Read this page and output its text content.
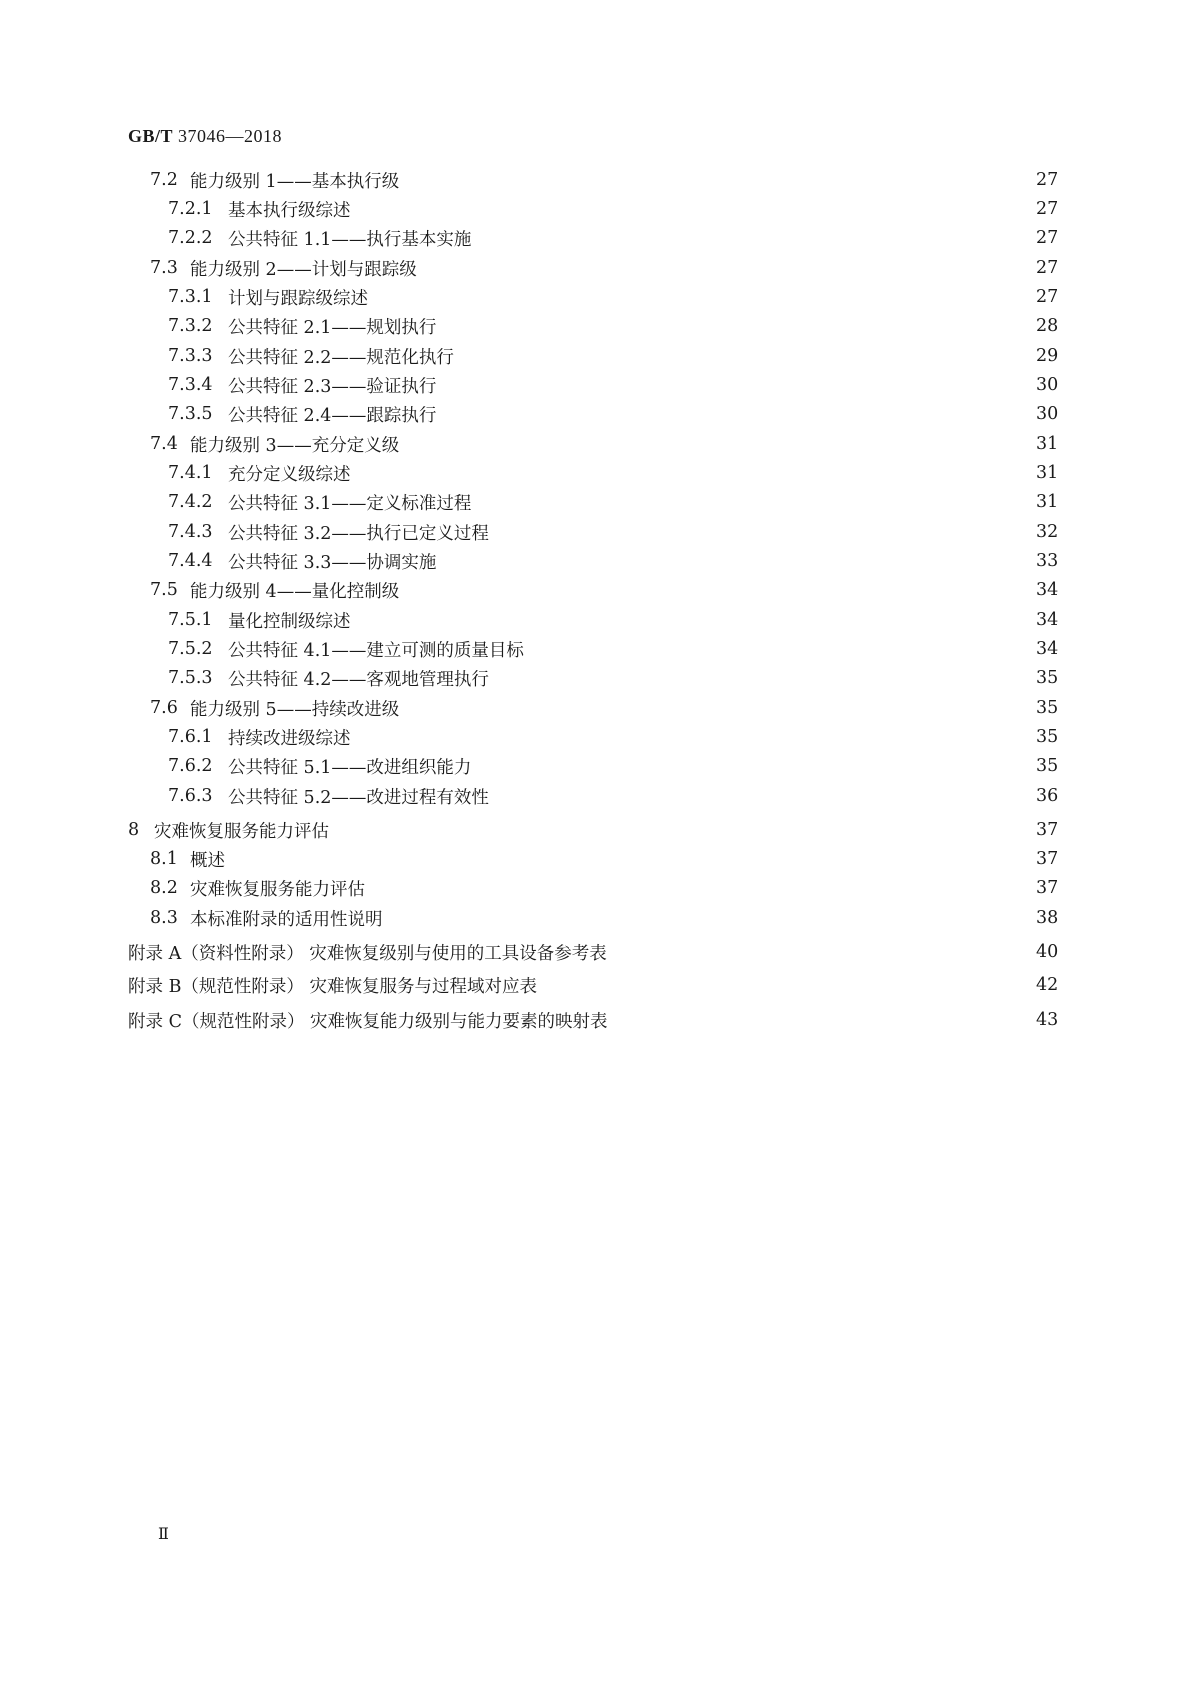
GB/T 37046—2018
7.2 能力级别 1——基本执行级	27
7.2.1 基本执行级综述	27
7.2.2 公共特征 1.1——执行基本实施	27
7.3 能力级别 2——计划与跟踪级	27
7.3.1 计划与跟踪级综述	27
7.3.2 公共特征 2.1——规划执行	28
7.3.3 公共特征 2.2——规范化执行	29
7.3.4 公共特征 2.3——验证执行	30
7.3.5 公共特征 2.4——跟踪执行	30
7.4 能力级别 3——充分定义级	31
7.4.1 充分定义级综述	31
7.4.2 公共特征 3.1——定义标准过程	31
7.4.3 公共特征 3.2——执行已定义过程	32
7.4.4 公共特征 3.3——协调实施	33
7.5 能力级别 4——量化控制级	34
7.5.1 量化控制级综述	34
7.5.2 公共特征 4.1——建立可测的质量目标	34
7.5.3 公共特征 4.2——客观地管理执行	35
7.6 能力级别 5——持续改进级	35
7.6.1 持续改进级综述	35
7.6.2 公共特征 5.1——改进组织能力	35
7.6.3 公共特征 5.2——改进过程有效性	36
8 灾难恢复服务能力评估	37
8.1 概述	37
8.2 灾难恢复服务能力评估	37
8.3 本标准附录的适用性说明	38
附录 A（资料性附录） 灾难恢复级别与使用的工具设备参考表	40
附录 B（规范性附录） 灾难恢复服务与过程域对应表	42
附录 C（规范性附录） 灾难恢复能力级别与能力要素的映射表	43
Ⅱ
